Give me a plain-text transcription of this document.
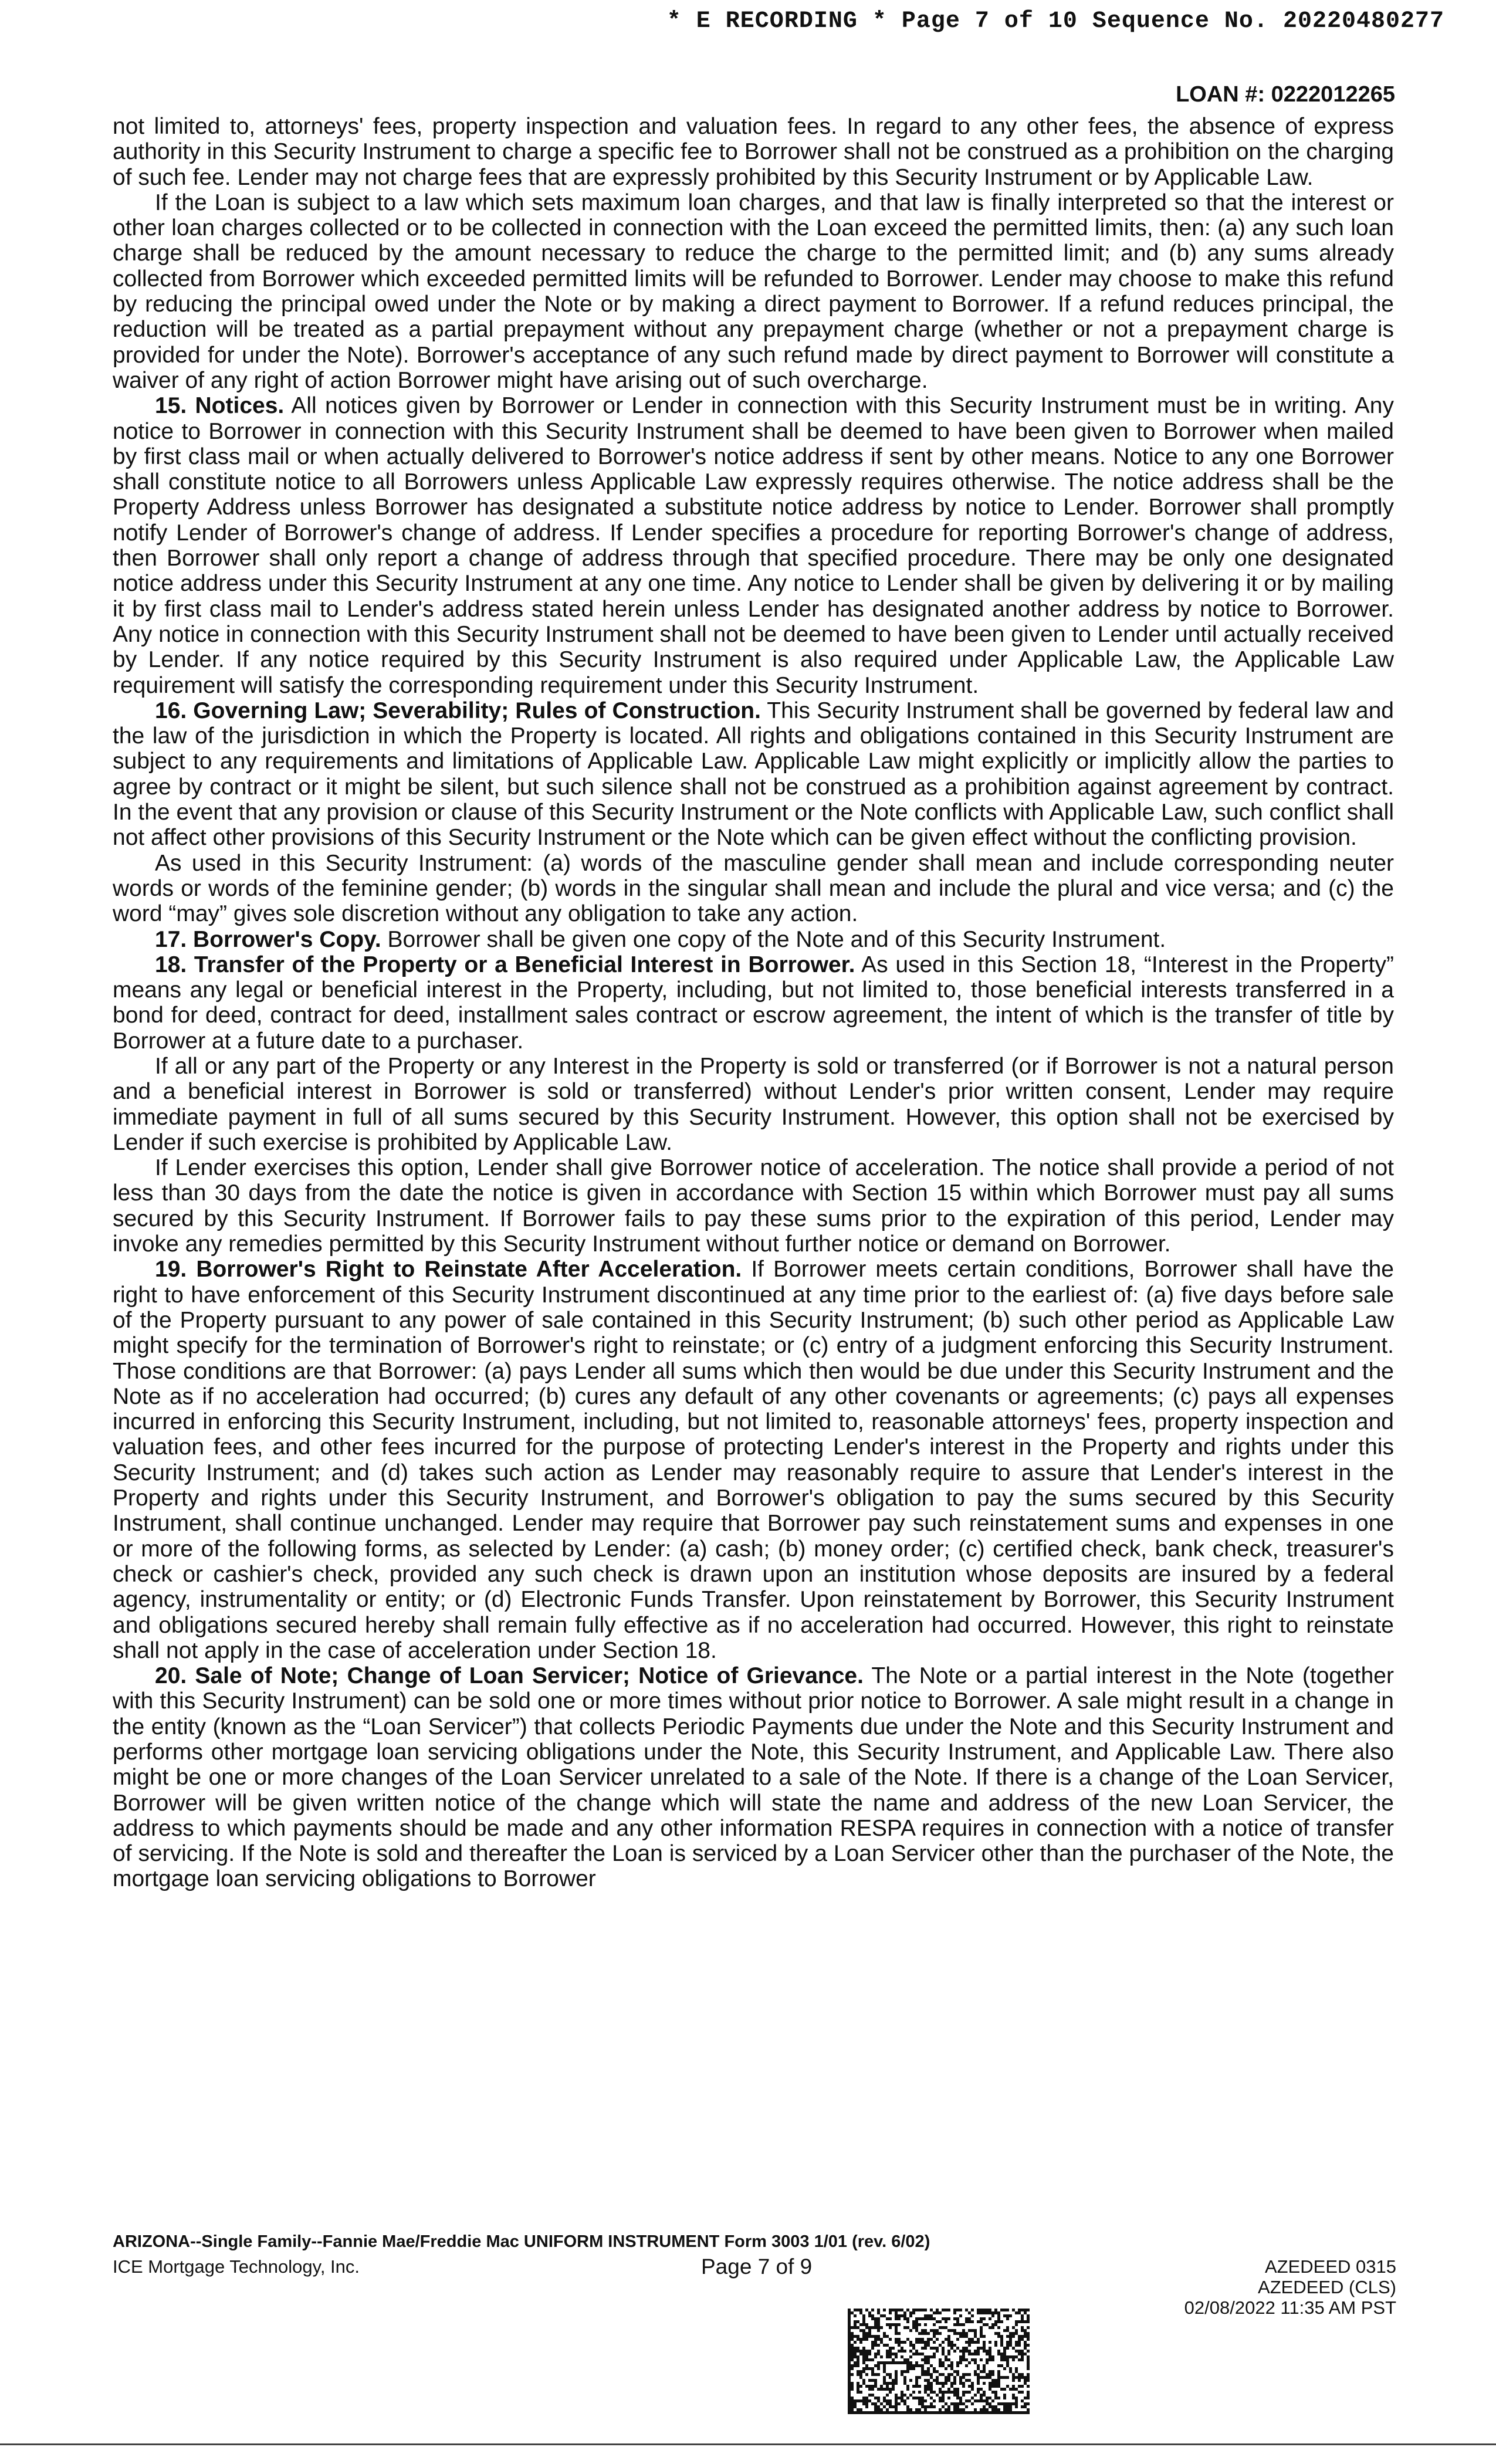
* E RECORDING * Page 7 of 10 Sequence No. 20220480277
LOAN #: 0222012265

not limited to, attorneys' fees, property inspection and valuation fees. In regard to any other fees, the absence of express authority in this Security Instrument to charge a specific fee to Borrower shall not be construed as a prohibition on the charging of such fee. Lender may not charge fees that are expressly prohibited by this Security Instrument or by Applicable Law.

If the Loan is subject to a law which sets maximum loan charges, and that law is finally interpreted so that the interest or other loan charges collected or to be collected in connection with the Loan exceed the permitted limits, then: (a) any such loan charge shall be reduced by the amount necessary to reduce the charge to the permitted limit; and (b) any sums already collected from Borrower which exceeded permitted limits will be refunded to Borrower. Lender may choose to make this refund by reducing the principal owed under the Note or by making a direct payment to Borrower. If a refund reduces principal, the reduction will be treated as a partial prepayment without any prepayment charge (whether or not a prepayment charge is provided for under the Note). Borrower's acceptance of any such refund made by direct payment to Borrower will constitute a waiver of any right of action Borrower might have arising out of such overcharge.

15. Notices. All notices given by Borrower or Lender in connection with this Security Instrument must be in writing. Any notice to Borrower in connection with this Security Instrument shall be deemed to have been given to Borrower when mailed by first class mail or when actually delivered to Borrower's notice address if sent by other means. Notice to any one Borrower shall constitute notice to all Borrowers unless Applicable Law expressly requires otherwise. The notice address shall be the Property Address unless Borrower has designated a substitute notice address by notice to Lender. Borrower shall promptly notify Lender of Borrower's change of address. If Lender specifies a procedure for reporting Borrower's change of address, then Borrower shall only report a change of address through that specified procedure. There may be only one designated notice address under this Security Instrument at any one time. Any notice to Lender shall be given by delivering it or by mailing it by first class mail to Lender's address stated herein unless Lender has designated another address by notice to Borrower. Any notice in connection with this Security Instrument shall not be deemed to have been given to Lender until actually received by Lender. If any notice required by this Security Instrument is also required under Applicable Law, the Applicable Law requirement will satisfy the corresponding requirement under this Security Instrument.

16. Governing Law; Severability; Rules of Construction. This Security Instrument shall be governed by federal law and the law of the jurisdiction in which the Property is located. All rights and obligations contained in this Security Instrument are subject to any requirements and limitations of Applicable Law. Applicable Law might explicitly or implicitly allow the parties to agree by contract or it might be silent, but such silence shall not be construed as a prohibition against agreement by contract. In the event that any provision or clause of this Security Instrument or the Note conflicts with Applicable Law, such conflict shall not affect other provisions of this Security Instrument or the Note which can be given effect without the conflicting provision.

As used in this Security Instrument: (a) words of the masculine gender shall mean and include corresponding neuter words or words of the feminine gender; (b) words in the singular shall mean and include the plural and vice versa; and (c) the word “may” gives sole discretion without any obligation to take any action.

17. Borrower's Copy. Borrower shall be given one copy of the Note and of this Security Instrument.

18. Transfer of the Property or a Beneficial Interest in Borrower. As used in this Section 18, “Interest in the Property” means any legal or beneficial interest in the Property, including, but not limited to, those beneficial interests transferred in a bond for deed, contract for deed, installment sales contract or escrow agreement, the intent of which is the transfer of title by Borrower at a future date to a purchaser.

If all or any part of the Property or any Interest in the Property is sold or transferred (or if Borrower is not a natural person and a beneficial interest in Borrower is sold or transferred) without Lender's prior written consent, Lender may require immediate payment in full of all sums secured by this Security Instrument. However, this option shall not be exercised by Lender if such exercise is prohibited by Applicable Law.

If Lender exercises this option, Lender shall give Borrower notice of acceleration. The notice shall provide a period of not less than 30 days from the date the notice is given in accordance with Section 15 within which Borrower must pay all sums secured by this Security Instrument. If Borrower fails to pay these sums prior to the expiration of this period, Lender may invoke any remedies permitted by this Security Instrument without further notice or demand on Borrower.

19. Borrower's Right to Reinstate After Acceleration. If Borrower meets certain conditions, Borrower shall have the right to have enforcement of this Security Instrument discontinued at any time prior to the earliest of: (a) five days before sale of the Property pursuant to any power of sale contained in this Security Instrument; (b) such other period as Applicable Law might specify for the termination of Borrower's right to reinstate; or (c) entry of a judgment enforcing this Security Instrument. Those conditions are that Borrower: (a) pays Lender all sums which then would be due under this Security Instrument and the Note as if no acceleration had occurred; (b) cures any default of any other covenants or agreements; (c) pays all expenses incurred in enforcing this Security Instrument, including, but not limited to, reasonable attorneys' fees, property inspection and valuation fees, and other fees incurred for the purpose of protecting Lender's interest in the Property and rights under this Security Instrument; and (d) takes such action as Lender may reasonably require to assure that Lender's interest in the Property and rights under this Security Instrument, and Borrower's obligation to pay the sums secured by this Security Instrument, shall continue unchanged. Lender may require that Borrower pay such reinstatement sums and expenses in one or more of the following forms, as selected by Lender: (a) cash; (b) money order; (c) certified check, bank check, treasurer's check or cashier's check, provided any such check is drawn upon an institution whose deposits are insured by a federal agency, instrumentality or entity; or (d) Electronic Funds Transfer. Upon reinstatement by Borrower, this Security Instrument and obligations secured hereby shall remain fully effective as if no acceleration had occurred. However, this right to reinstate shall not apply in the case of acceleration under Section 18.

20. Sale of Note; Change of Loan Servicer; Notice of Grievance. The Note or a partial interest in the Note (together with this Security Instrument) can be sold one or more times without prior notice to Borrower. A sale might result in a change in the entity (known as the “Loan Servicer”) that collects Periodic Payments due under the Note and this Security Instrument and performs other mortgage loan servicing obligations under the Note, this Security Instrument, and Applicable Law. There also might be one or more changes of the Loan Servicer unrelated to a sale of the Note. If there is a change of the Loan Servicer, Borrower will be given written notice of the change which will state the name and address of the new Loan Servicer, the address to which payments should be made and any other information RESPA requires in connection with a notice of transfer of servicing. If the Note is sold and thereafter the Loan is serviced by a Loan Servicer other than the purchaser of the Note, the mortgage loan servicing obligations to Borrower

ARIZONA--Single Family--Fannie Mae/Freddie Mac UNIFORM INSTRUMENT Form 3003 1/01 (rev. 6/02)
ICE Mortgage Technology, Inc.	Page 7 of 9	AZEDEED 0315
AZEDEED (CLS)
02/08/2022 11:35 AM PST
